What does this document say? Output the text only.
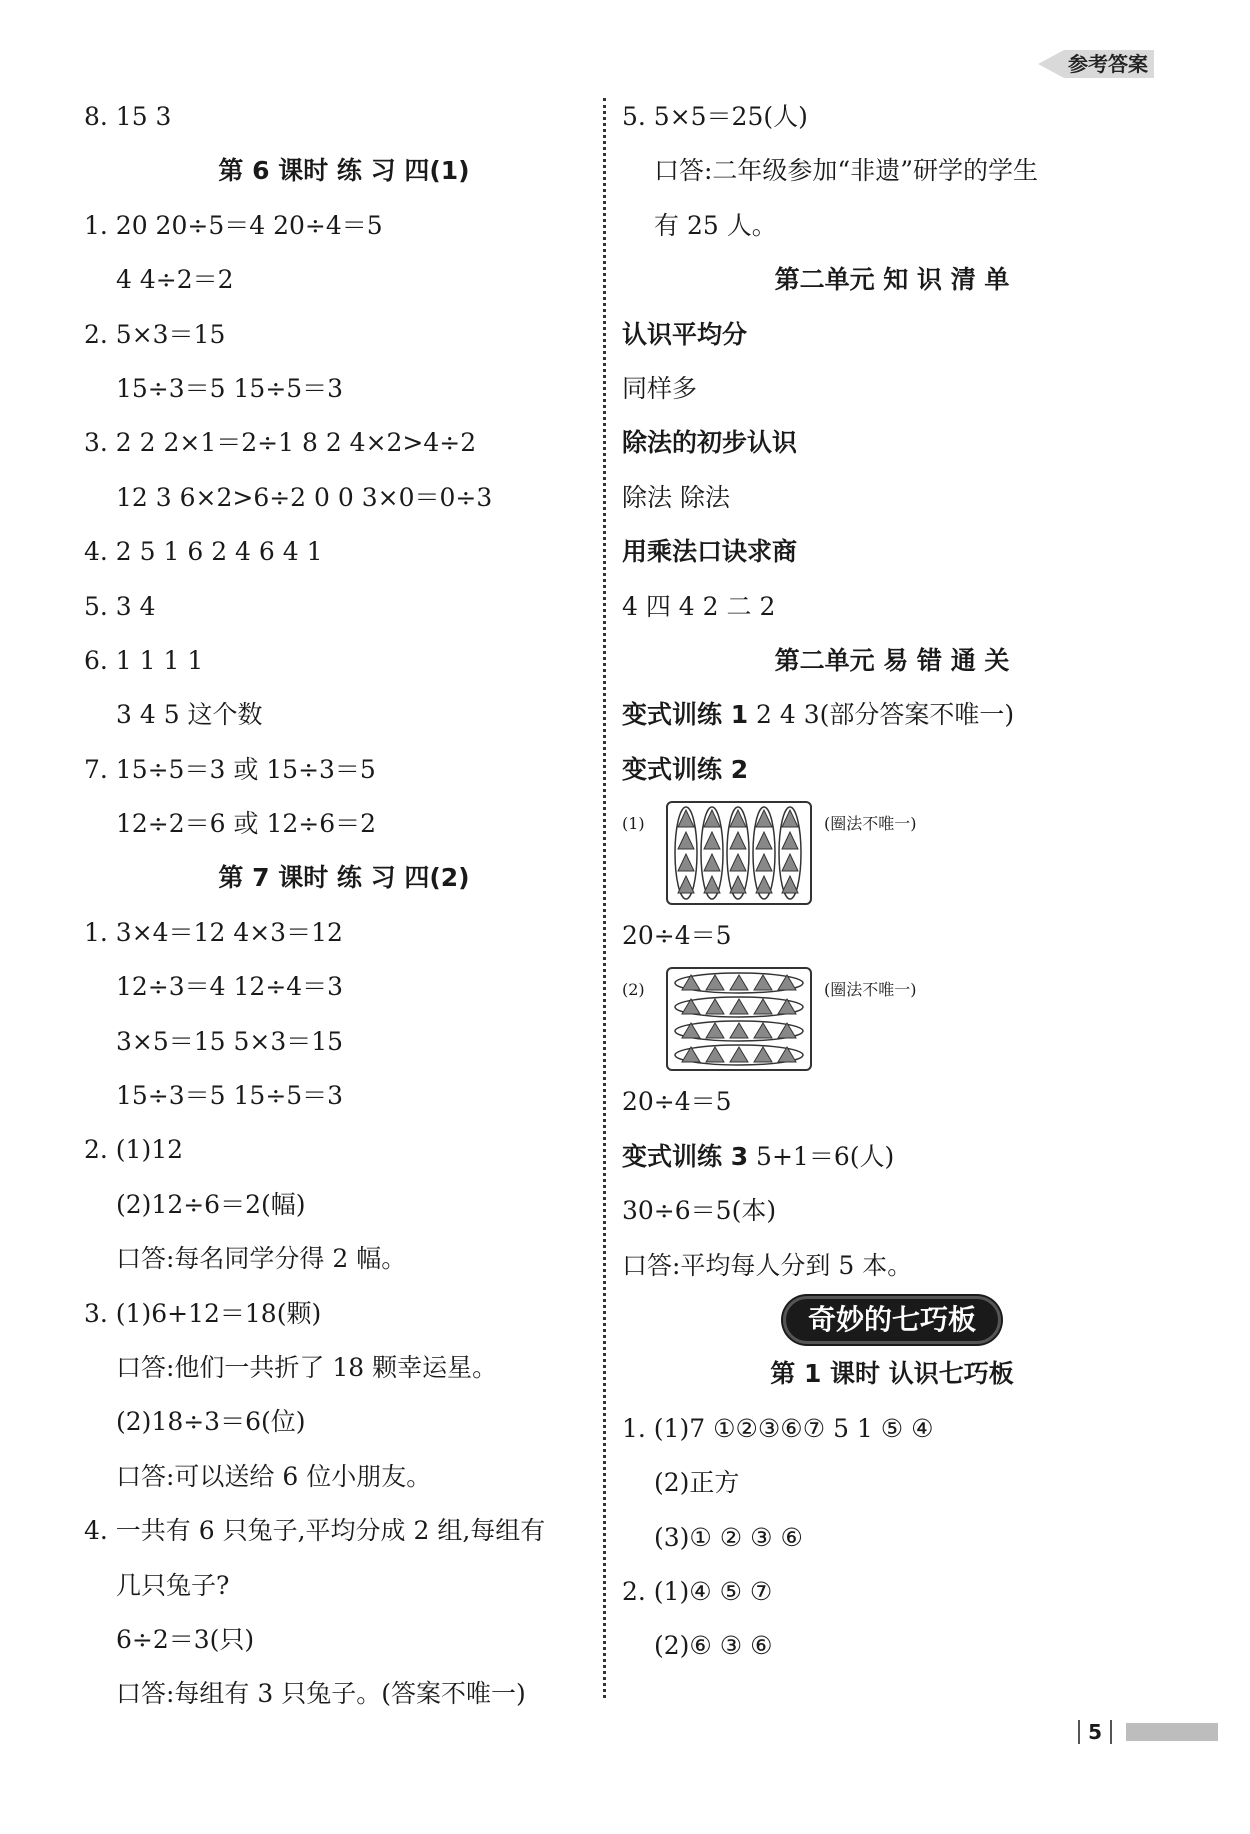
参考答案
8. 15 3
第 6 课时 练 习 四(1)
1. 20 20÷5＝4 20÷4＝5
4 4÷2＝2
2. 5×3＝15
15÷3＝5 15÷5＝3
3. 2 2 2×1＝2÷1 8 2 4×2>4÷2
12 3 6×2>6÷2 0 0 3×0＝0÷3
4. 2 5 1 6 2 4 6 4 1
5. 3 4
6. 1 1 1 1
3 4 5 这个数
7. 15÷5＝3 或 15÷3＝5
12÷2＝6 或 12÷6＝2
第 7 课时 练 习 四(2)
1. 3×4＝12 4×3＝12
12÷3＝4 12÷4＝3
3×5＝15 5×3＝15
15÷3＝5 15÷5＝3
2. (1)12
(2)12÷6＝2(幅)
口答:每名同学分得 2 幅。
3. (1)6+12＝18(颗)
口答:他们一共折了 18 颗幸运星。
(2)18÷3＝6(位)
口答:可以送给 6 位小朋友。
4. 一共有 6 只兔子,平均分成 2 组,每组有
几只兔子?
6÷2＝3(只)
口答:每组有 3 只兔子。(答案不唯一)
5. 5×5＝25(人)
口答:二年级参加“非遗”研学的学生
有 25 人。
第二单元 知 识 清 单
认识平均分
同样多
除法的初步认识
除法 除法
用乘法口诀求商
4 四 4 2 二 2
第二单元 易 错 通 关
变式训练 1 2 4 3(部分答案不唯一)
变式训练 2
(1)	(圈法不唯一)
20÷4＝5
(2)	(圈法不唯一)
20÷4＝5
变式训练 3 5+1＝6(人)
30÷6＝5(本)
口答:平均每人分到 5 本。
奇妙的七巧板
第 1 课时 认识七巧板
1. (1)7 ①②③⑥⑦ 5 1 ⑤ ④
(2)正方
(3)① ② ③ ⑥
2. (1)④ ⑤ ⑦
(2)⑥ ③ ⑥
5
